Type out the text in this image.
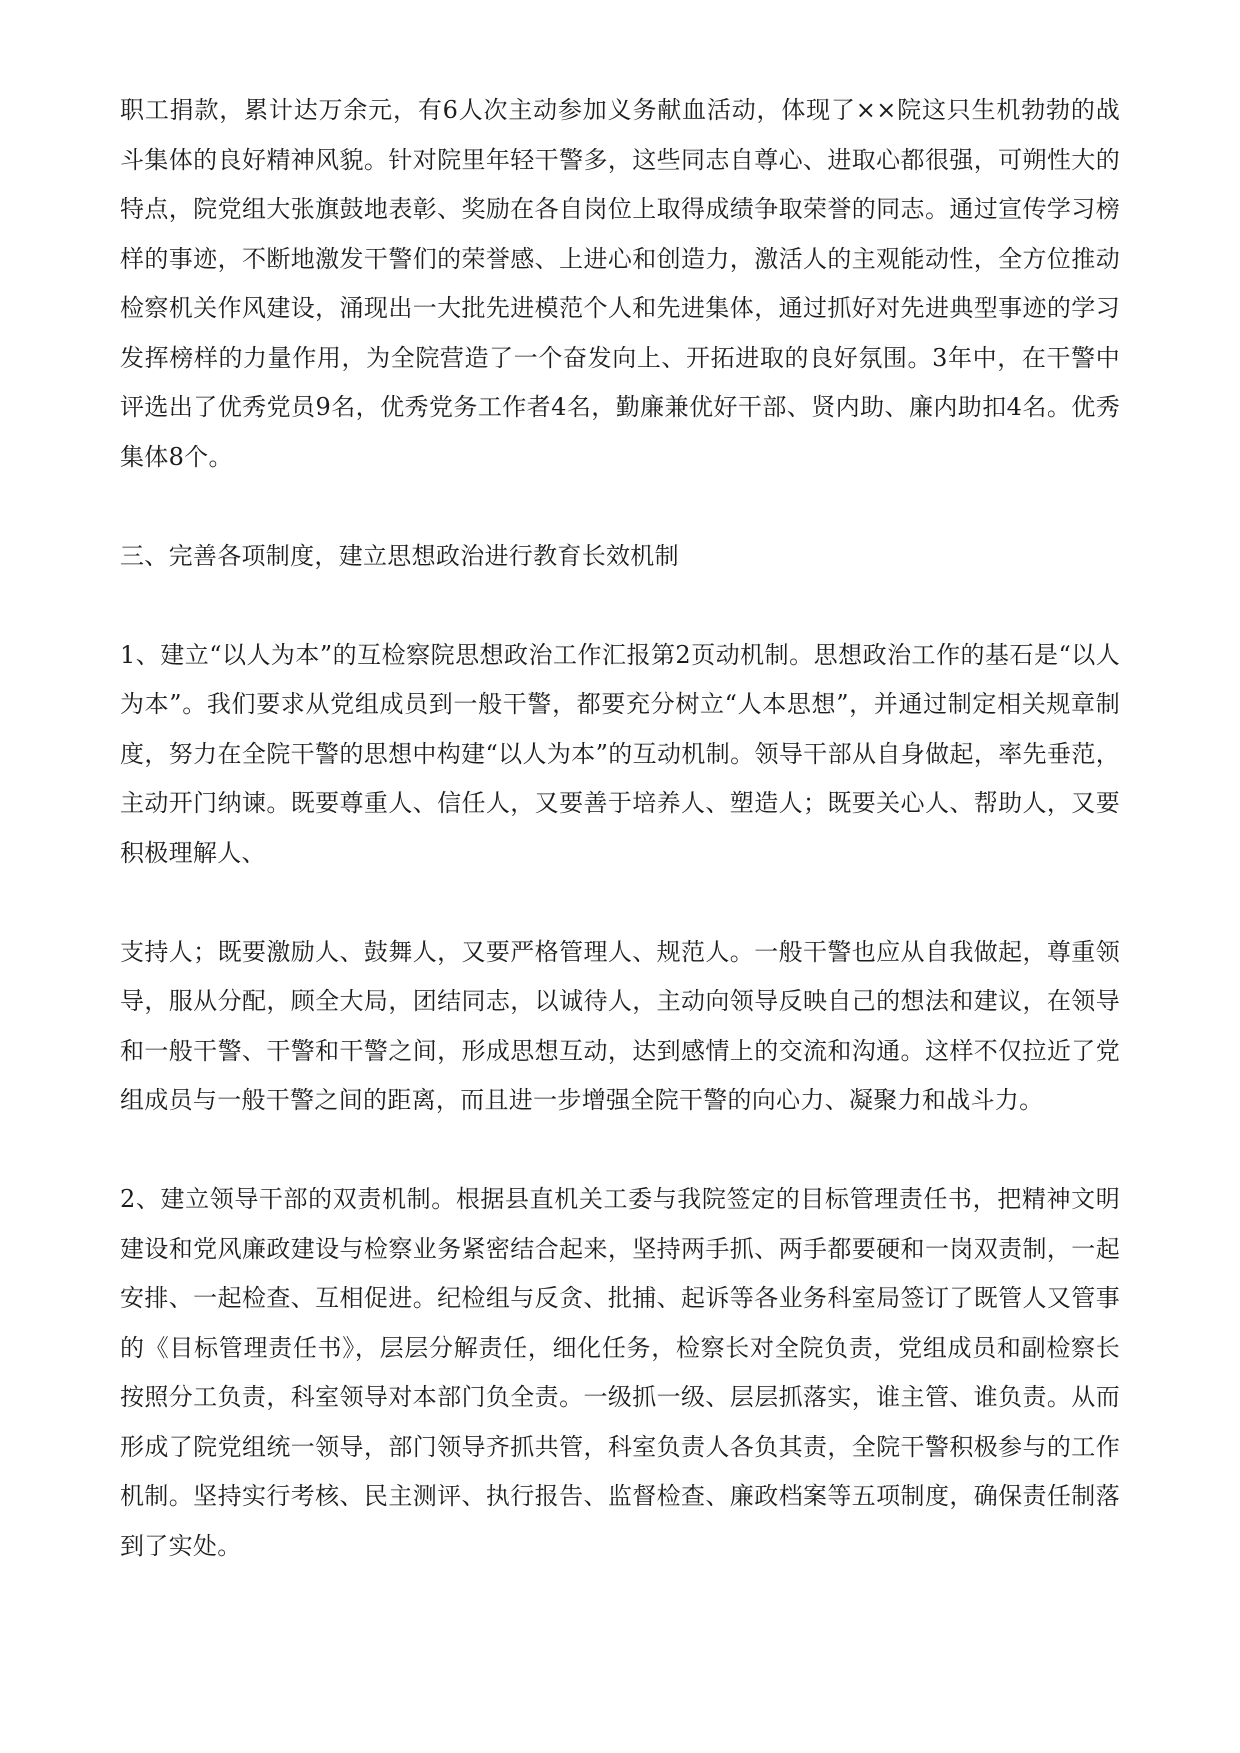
职工捐款，累计达万余元，有6人次主动参加义务献血活动，体现了××院这只生机勃勃的战斗集体的良好精神风貌。针对院里年轻干警多，这些同志自尊心、进取心都很强，可朔性大的特点，院党组大张旗鼓地表彰、奖励在各自岗位上取得成绩争取荣誉的同志。通过宣传学习榜样的事迹，不断地激发干警们的荣誉感、上进心和创造力，激活人的主观能动性，全方位推动检察机关作风建设，涌现出一大批先进模范个人和先进集体，通过抓好对先进典型事迹的学习发挥榜样的力量作用，为全院营造了一个奋发向上、开拓进取的良好氛围。3年中，在干警中评选出了优秀党员9名，优秀党务工作者4名，勤廉兼优好干部、贤内助、廉内助扣4名。优秀集体8个。

三、完善各项制度，建立思想政治进行教育长效机制

1、建立“以人为本”的互检察院思想政治工作汇报第2页动机制。思想政治工作的基石是“以人为本”。我们要求从党组成员到一般干警，都要充分树立“人本思想”，并通过制定相关规章制度，努力在全院干警的思想中构建“以人为本”的互动机制。领导干部从自身做起，率先垂范，主动开门纳谏。既要尊重人、信任人，又要善于培养人、塑造人；既要关心人、帮助人，又要积极理解人、

支持人；既要激励人、鼓舞人，又要严格管理人、规范人。一般干警也应从自我做起，尊重领导，服从分配，顾全大局，团结同志，以诚待人，主动向领导反映自己的想法和建议，在领导和一般干警、干警和干警之间，形成思想互动，达到感情上的交流和沟通。这样不仅拉近了党组成员与一般干警之间的距离，而且进一步增强全院干警的向心力、凝聚力和战斗力。

2、建立领导干部的双责机制。根据县直机关工委与我院签定的目标管理责任书，把精神文明建设和党风廉政建设与检察业务紧密结合起来，坚持两手抓、两手都要硬和一岗双责制，一起安排、一起检查、互相促进。纪检组与反贪、批捕、起诉等各业务科室局签订了既管人又管事的《目标管理责任书》，层层分解责任，细化任务，检察长对全院负责，党组成员和副检察长按照分工负责，科室领导对本部门负全责。一级抓一级、层层抓落实，谁主管、谁负责。从而形成了院党组统一领导，部门领导齐抓共管，科室负责人各负其责，全院干警积极参与的工作机制。坚持实行考核、民主测评、执行报告、监督检查、廉政档案等五项制度，确保责任制落到了实处。
